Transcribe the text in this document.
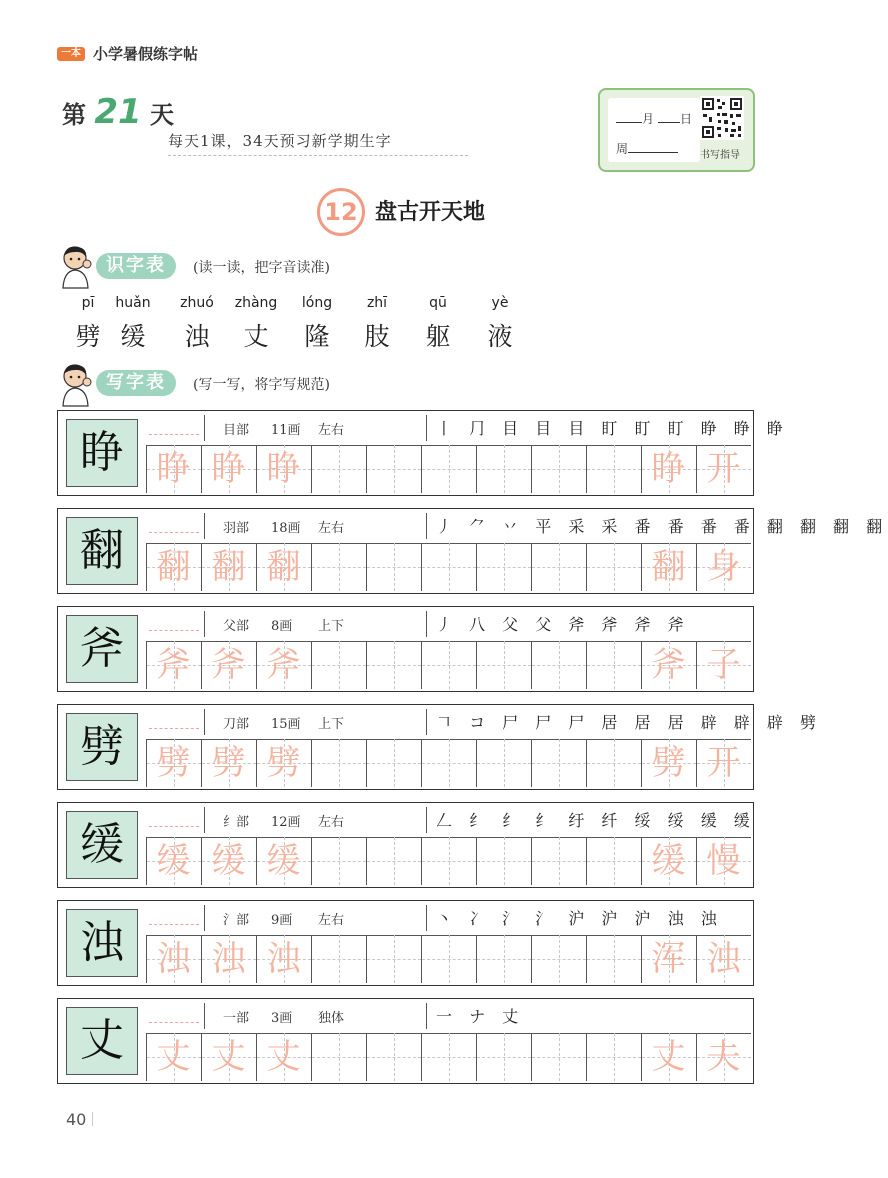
一本 小学暑假练字帖
第 21 天
每天1课，34天预习新学期生字
月	日
周	书写指导
12 盘古开天地
识字表	(读一读，把字音读准)
pī
劈
huǎn
缓
zhuó
浊
zhàng
丈
lóng
隆
zhī
肢
qū
躯
yè
液
写字表	(写一写，将字写规范)
睁	目部 11画 左右	丨 ⺆ 目 目 目 盯 盯 盯 睁 睁 睁
睁 睁 睁	睁 开
翻	羽部 18画 左右	丿 ⺈ 丷 平 采 采 番 番 番 番 翻 翻 翻 翻
翻 翻 翻	翻 身
斧	父部 8画 上下	丿 八 父 父 斧 斧 斧 斧
斧 斧 斧	斧 子
劈	刀部 15画 上下	𠃍 コ 尸 尸 尸 居 居 居 辟 辟 辟 劈
劈 劈 劈	劈 开
缓	纟部 12画 左右	𠃋 纟 纟 纟 纡 纤 绥 绥 缓 缓
缓 缓 缓	缓 慢
浊	氵部 9画 左右	丶 冫 氵 氵 沪 沪 沪 浊 浊
浊 浊 浊	浑 浊
丈	一部 3画 独体	一 ナ 丈
丈 丈 丈	丈 夫
40
